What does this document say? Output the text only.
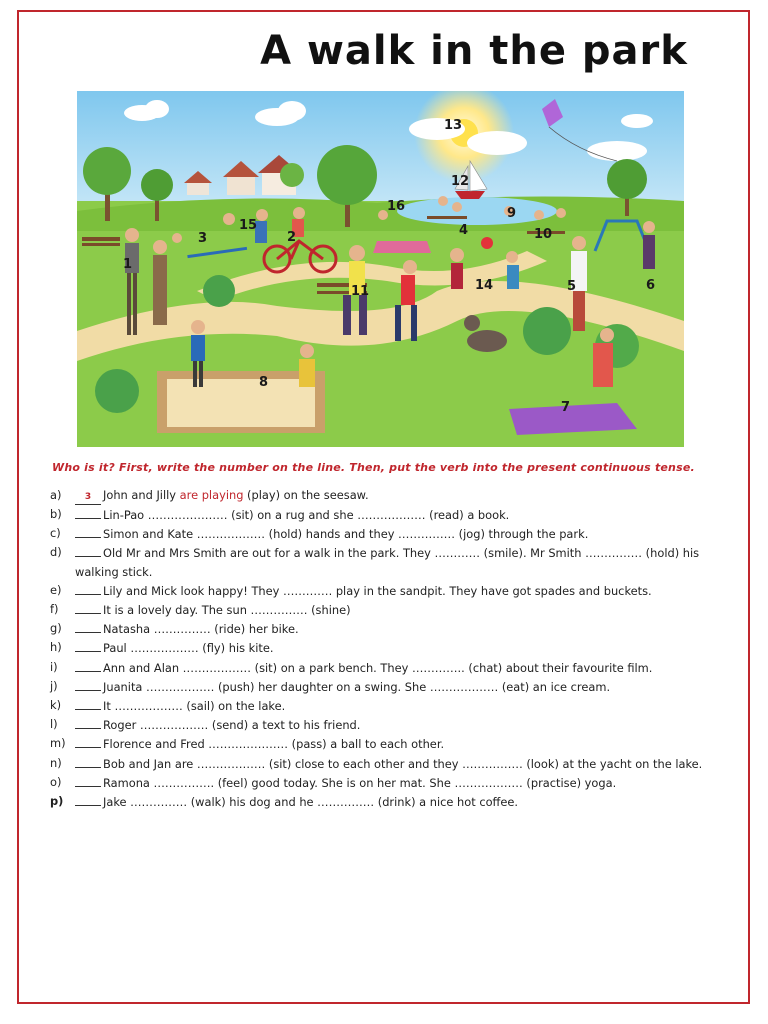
A walk in the park
1
2
3
4
5	6
7
8
9
10
11
12
13
14
15
16
Who is it? First, write the number on the line. Then, put the verb into the present continuous tense.
a)	3 John and Jilly are playing (play) on the seesaw.
b)	Lin-Pao ………………… (sit) on a rug and she ……………… (read) a book.
c)	Simon and Kate ……………… (hold) hands and they …………… (jog) through the park.
d)	Old Mr and Mrs Smith are out for a walk in the park. They ………… (smile). Mr Smith …………… (hold) his walking stick.
e)	Lily and Mick look happy! They …………. play in the sandpit. They have got spades and buckets.
f)	It is a lovely day. The sun …………… (shine)
g)	Natasha …………… (ride) her bike.
h)	Paul ……………… (fly) his kite.
i)	Ann and Alan ……………… (sit) on a park bench. They ………….. (chat) about their favourite film.
j)	Juanita ……………… (push) her daughter on a swing. She ……………… (eat) an ice cream.
k)	It ……………… (sail) on the lake.
l)	Roger ……………… (send) a text to his friend.
m)	Florence and Fred ………………… (pass) a ball to each other.
n)	Bob and Jan are ……………… (sit) close to each other and they ……………. (look) at the yacht on the lake.
o)	Ramona ……………. (feel) good today. She is on her mat. She ……………… (practise) yoga.
p)	Jake …………… (walk) his dog and he …………… (drink) a nice hot coffee.
